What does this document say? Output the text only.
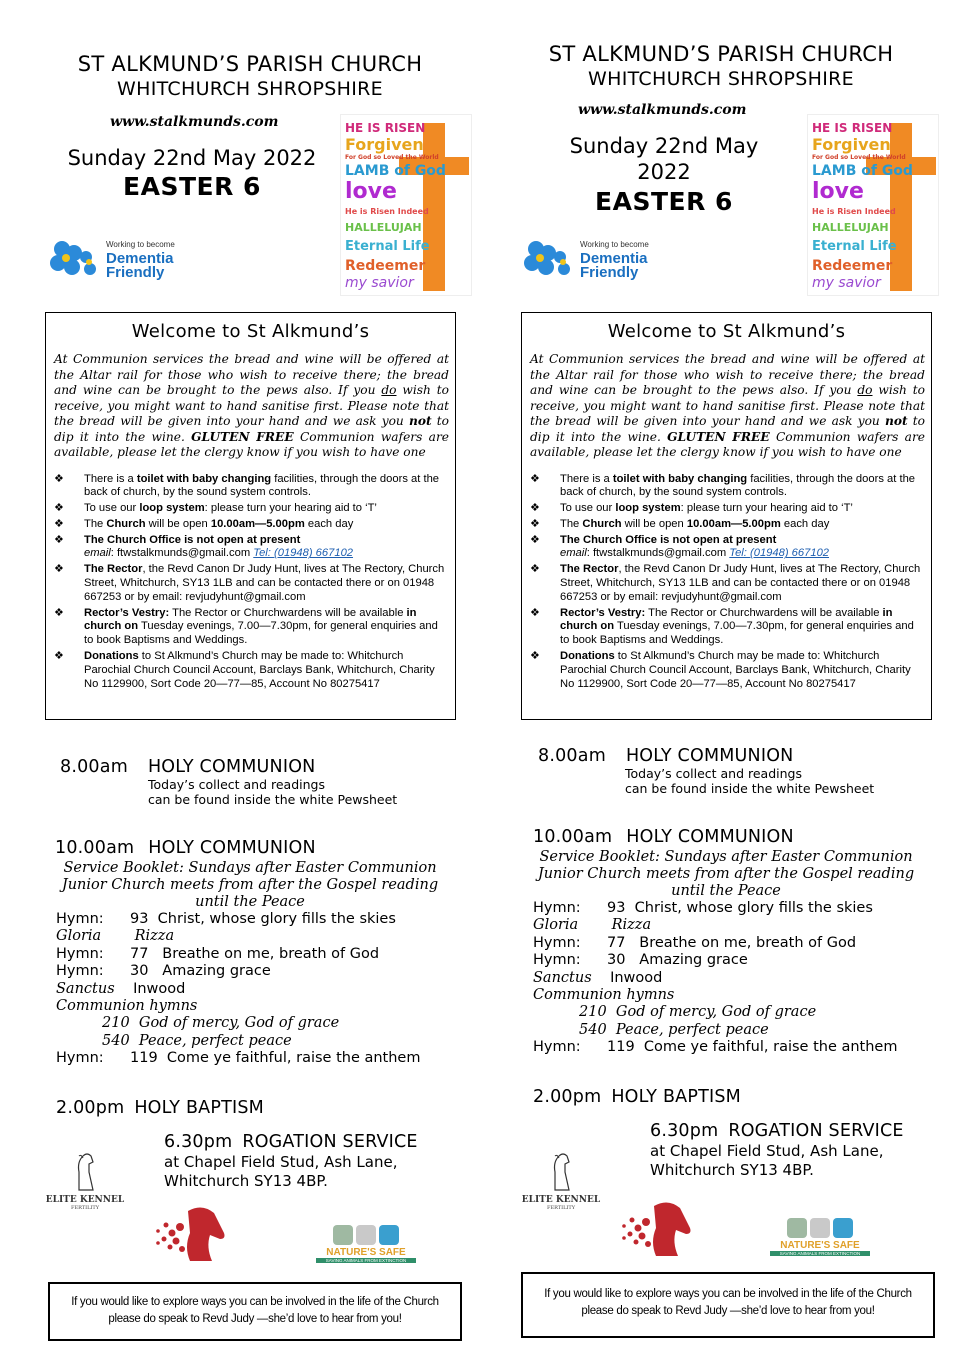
ST ALKMUND’S PARISH CHURCH
WHITCHURCH SHROPSHIRE
www.stalkmunds.com
Sunday 22nd May 2022
EASTER 6
Working to become
Dementia
Friendly
HE IS RISEN
Forgiven
For God so Loved the World
LAMB of God
love
He is Risen Indeed
HALLELUJAH
Eternal Life
Redeemer
my savior
Welcome to St Alkmund’s
At Communion services the bread and wine will be offered at the Altar rail for those who wish to receive there; the bread and wine can be brought to the pews also. If you do wish to receive, you might want to hand sanitise first. Please note that the bread will be given into your hand and we ask you not to dip it into the wine. GLUTEN FREE Communion wafers are available, please let the clergy know if you wish to have one
❖ There is a toilet with baby changing facilities, through the doors at the back of church, by the sound system controls.
❖ To use our loop system: please turn your hearing aid to ‘T’
❖ The Church will be open 10.00am—5.00pm each day
❖ The Church Office is not open at present
email: ftwstalkmunds@gmail.com Tel: (01948) 667102
❖ The Rector, the Revd Canon Dr Judy Hunt, lives at The Rectory, Church Street, Whitchurch, SY13 1LB and can be contacted there or on 01948 667253 or by email: revjudyhunt@gmail.com
❖ Rector’s Vestry: The Rector or Churchwardens will be available in church on Tuesday evenings, 7.00—7.30pm, for general enquiries and to book Baptisms and Weddings.
❖ Donations to St Alkmund’s Church may be made to: Whitchurch Parochial Church Council Account, Barclays Bank, Whitchurch, Charity No 1129900, Sort Code 20—77—85, Account No 80275417
8.00am HOLY COMMUNION
Today’s collect and readings
can be found inside the white Pewsheet
10.00am HOLY COMMUNION
Service Booklet: Sundays after Easter Communion
Junior Church meets from after the Gospel reading
until the Peace
Hymn: 93 Christ, whose glory fills the skies
Gloria Rizza
Hymn: 77 Breathe on me, breath of God
Hymn: 30 Amazing grace
Sanctus Inwood
Communion hymns
210 God of mercy, God of grace
540 Peace, perfect peace
Hymn: 119 Come ye faithful, raise the anthem
2.00pm HOLY BAPTISM
6.30pm ROGATION SERVICE
at Chapel Field Stud, Ash Lane,
Whitchurch SY13 4BP.
ELITE KENNEL
FERTILITY
NATURE'S SAFE
SAVING ANIMALS FROM EXTINCTION
If you would like to explore ways you can be involved in the life of the Church
please do speak to Revd Judy —she’d love to hear from you!
ST ALKMUND’S PARISH CHURCH
WHITCHURCH SHROPSHIRE
www.stalkmunds.com
Sunday 22nd May
2022
EASTER 6
Working to become
Dementia
Friendly
HE IS RISEN
Forgiven
For God so Loved the World
LAMB of God
love
He is Risen Indeed
HALLELUJAH
Eternal Life
Redeemer
my savior
Welcome to St Alkmund’s
At Communion services the bread and wine will be offered at the Altar rail for those who wish to receive there; the bread and wine can be brought to the pews also. If you do wish to receive, you might want to hand sanitise first. Please note that the bread will be given into your hand and we ask you not to dip it into the wine. GLUTEN FREE Communion wafers are available, please let the clergy know if you wish to have one
❖ There is a toilet with baby changing facilities, through the doors at the back of church, by the sound system controls.
❖ To use our loop system: please turn your hearing aid to ‘T’
❖ The Church will be open 10.00am—5.00pm each day
❖ The Church Office is not open at present
email: ftwstalkmunds@gmail.com Tel: (01948) 667102
❖ The Rector, the Revd Canon Dr Judy Hunt, lives at The Rectory, Church Street, Whitchurch, SY13 1LB and can be contacted there or on 01948 667253 or by email: revjudyhunt@gmail.com
❖ Rector’s Vestry: The Rector or Churchwardens will be available in church on Tuesday evenings, 7.00—7.30pm, for general enquiries and to book Baptisms and Weddings.
❖ Donations to St Alkmund’s Church may be made to: Whitchurch Parochial Church Council Account, Barclays Bank, Whitchurch, Charity No 1129900, Sort Code 20—77—85, Account No 80275417
8.00am HOLY COMMUNION
Today’s collect and readings
can be found inside the white Pewsheet
10.00am HOLY COMMUNION
Service Booklet: Sundays after Easter Communion
Junior Church meets from after the Gospel reading
until the Peace
Hymn: 93 Christ, whose glory fills the skies
Gloria Rizza
Hymn: 77 Breathe on me, breath of God
Hymn: 30 Amazing grace
Sanctus Inwood
Communion hymns
210 God of mercy, God of grace
540 Peace, perfect peace
Hymn: 119 Come ye faithful, raise the anthem
2.00pm HOLY BAPTISM
6.30pm ROGATION SERVICE
at Chapel Field Stud, Ash Lane,
Whitchurch SY13 4BP.
ELITE KENNEL
FERTILITY
NATURE'S SAFE
SAVING ANIMALS FROM EXTINCTION
If you would like to explore ways you can be involved in the life of the Church
please do speak to Revd Judy —she’d love to hear from you!
